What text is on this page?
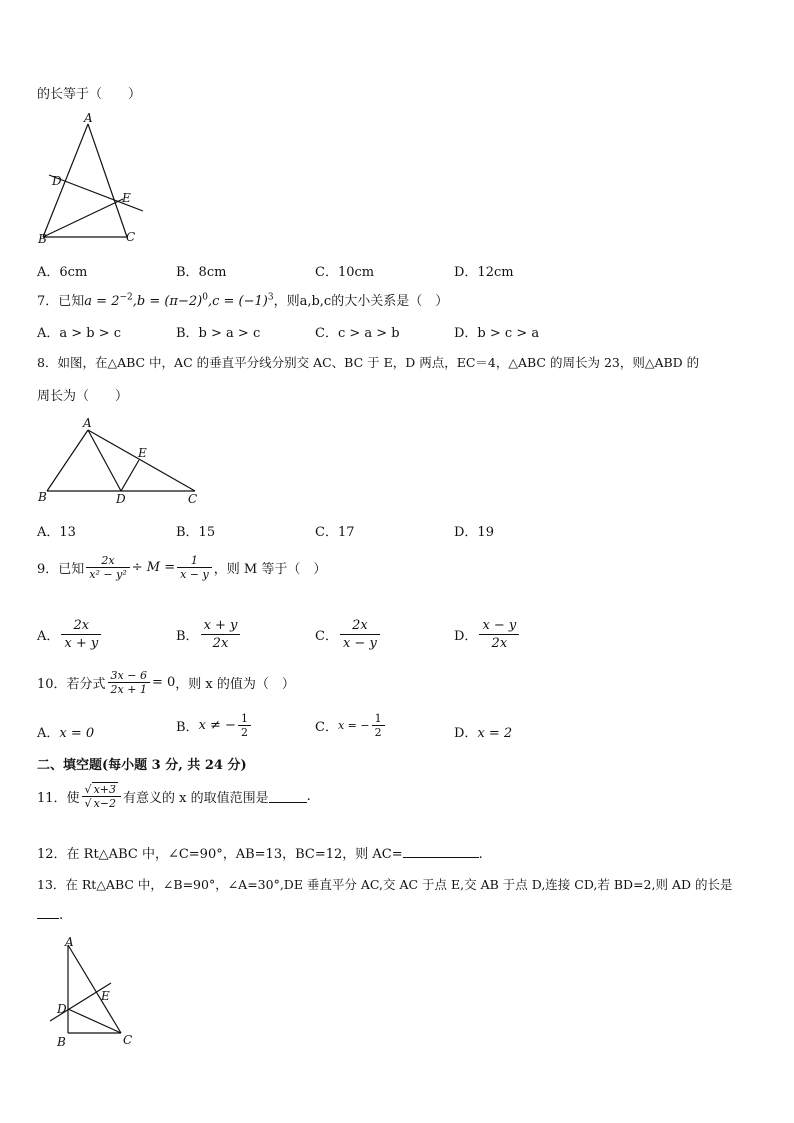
的长等于（　　）
A
D
E
B	C
A．6cm	B．8cm	C．10cm	D．12cm
7．已知$a = 2^{-2},b = (\pi-2)^0,c = (-1)^3$，则a,b,c的大小关系是（　）
A．a > b > c	B．b > a > c	C．c > a > b	D．b > c > a
8．如图，在△ABC 中，AC 的垂直平分线分别交 AC、BC 于 E，D 两点，EC＝4，△ABC 的周长为 23，则△ABD 的
周长为（　　）
A
E
B	D	C
A．13	B．15	C．17	D．19
9．已知 $\frac{2x}{\text{x² − y²}} \div M = \frac{1}{x - y}$ ，则 M 等于（　）
A． $\frac{2x}{x + y}$	B． $\frac{x + y}{2x}$	C． $\frac{2x}{x - y}$	D． $\frac{x - y}{2x}$
10．若分式 $\frac{3x - 6}{2x + 1} = 0$，则 x 的值为（　）
A．x = 0	B．x ≠ − $\frac{1}{2}$	C．x = − $\frac{1}{2}$	D．x = 2
二、填空题(每小题 3 分, 共 24 分)
11．使 $\frac{√ x+3}{√ x-2}$ 有意义的 x 的取值范围是	.
12．在 Rt△ABC 中，∠C=90°，AB=13，BC=12，则 AC=	.
13．在 Rt△ABC 中，∠B=90°，∠A=30°,DE 垂直平分 AC,交 AC 于点 E,交 AB 于点 D,连接 CD,若 BD=2,则 AD 的长是
.
A
E
D
B	C
